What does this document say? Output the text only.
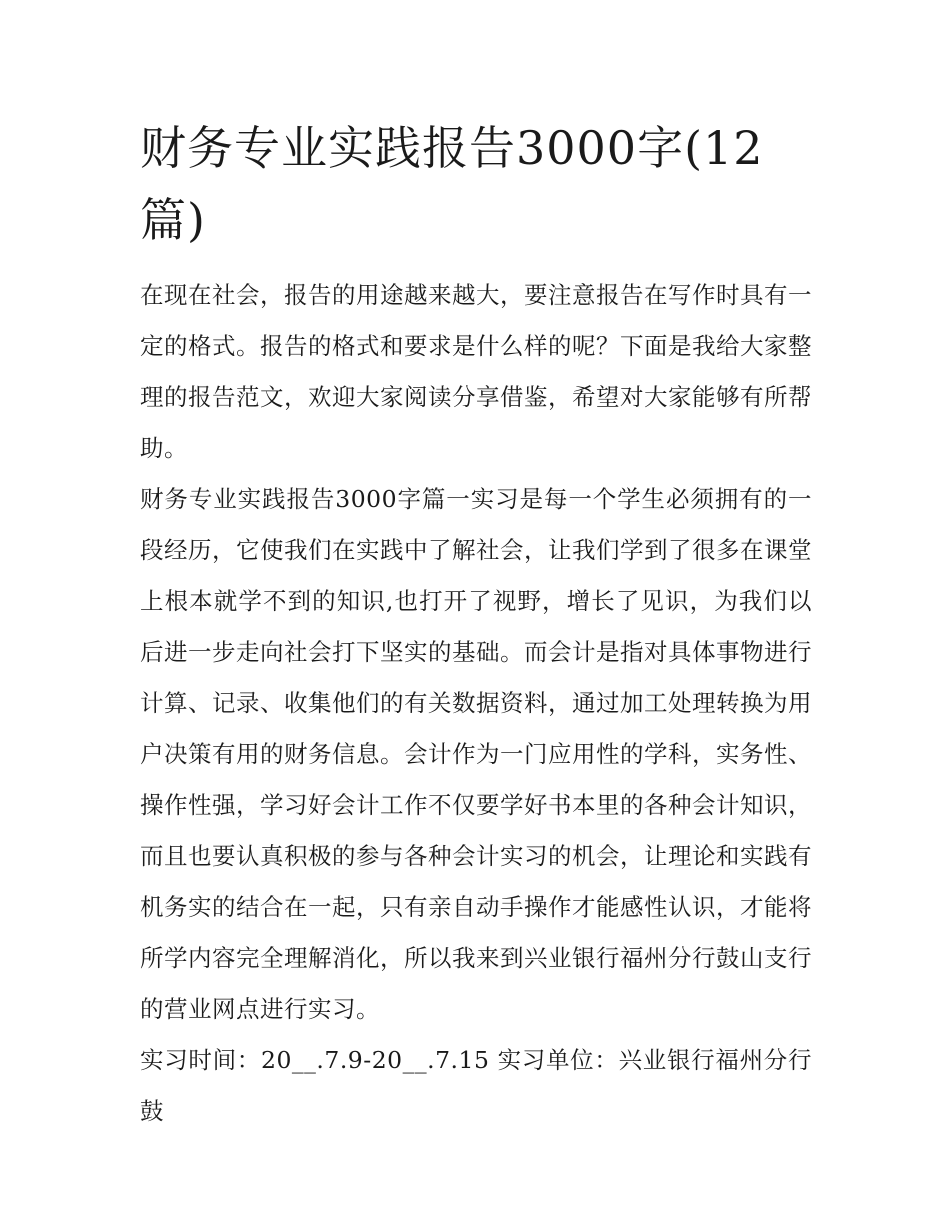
财务专业实践报告3000字(12篇)

在现在社会，报告的用途越来越大，要注意报告在写作时具有一定的格式。报告的格式和要求是什么样的呢？下面是我给大家整理的报告范文，欢迎大家阅读分享借鉴，希望对大家能够有所帮助。

财务专业实践报告3000字篇一实习是每一个学生必须拥有的一段经历，它使我们在实践中了解社会，让我们学到了很多在课堂上根本就学不到的知识,也打开了视野，增长了见识，为我们以后进一步走向社会打下坚实的基础。而会计是指对具体事物进行计算、记录、收集他们的有关数据资料，通过加工处理转换为用户决策有用的财务信息。会计作为一门应用性的学科，实务性、操作性强，学习好会计工作不仅要学好书本里的各种会计知识，而且也要认真积极的参与各种会计实习的机会，让理论和实践有机务实的结合在一起，只有亲自动手操作才能感性认识，才能将所学内容完全理解消化，所以我来到兴业银行福州分行鼓山支行的营业网点进行实习。

实习时间：20__.7.9-20__.7.15 实习单位：兴业银行福州分行鼓
